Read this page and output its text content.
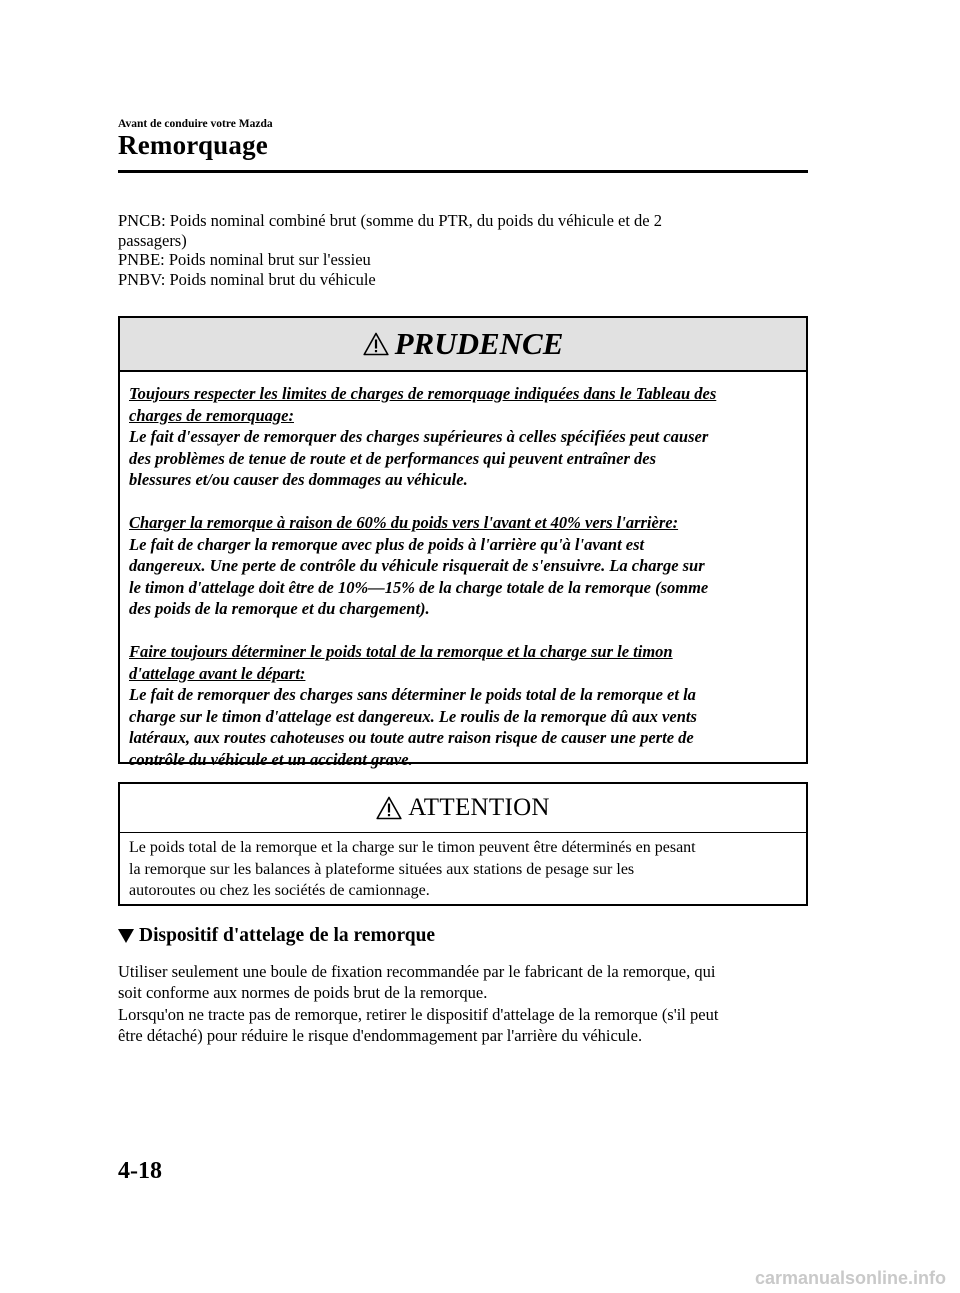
Avant de conduire votre Mazda
Remorquage
PNCB: Poids nominal combiné brut (somme du PTR, du poids du véhicule et de 2
passagers)
PNBE: Poids nominal brut sur l'essieu
PNBV: Poids nominal brut du véhicule
PRUDENCE
Toujours respecter les limites de charges de remorquage indiquées dans le Tableau des
charges de remorquage:
Le fait d'essayer de remorquer des charges supérieures à celles spécifiées peut causer
des problèmes de tenue de route et de performances qui peuvent entraîner des
blessures et/ou causer des dommages au véhicule.
Charger la remorque à raison de 60% du poids vers l'avant et 40% vers l'arrière:
Le fait de charger la remorque avec plus de poids à l'arrière qu'à l'avant est
dangereux. Une perte de contrôle du véhicule risquerait de s'ensuivre. La charge sur
le timon d'attelage doit être de 10%―15% de la charge totale de la remorque (somme
des poids de la remorque et du chargement).
Faire toujours déterminer le poids total de la remorque et la charge sur le timon
d'attelage avant le départ:
Le fait de remorquer des charges sans déterminer le poids total de la remorque et la
charge sur le timon d'attelage est dangereux. Le roulis de la remorque dû aux vents
latéraux, aux routes cahoteuses ou toute autre raison risque de causer une perte de
contrôle du véhicule et un accident grave.
ATTENTION
Le poids total de la remorque et la charge sur le timon peuvent être déterminés en pesant
la remorque sur les balances à plateforme situées aux stations de pesage sur les
autoroutes ou chez les sociétés de camionnage.
Dispositif d'attelage de la remorque
Utiliser seulement une boule de fixation recommandée par le fabricant de la remorque, qui
soit conforme aux normes de poids brut de la remorque.
Lorsqu'on ne tracte pas de remorque, retirer le dispositif d'attelage de la remorque (s'il peut
être détaché) pour réduire le risque d'endommagement par l'arrière du véhicule.
4-18
carmanualsonline.info
